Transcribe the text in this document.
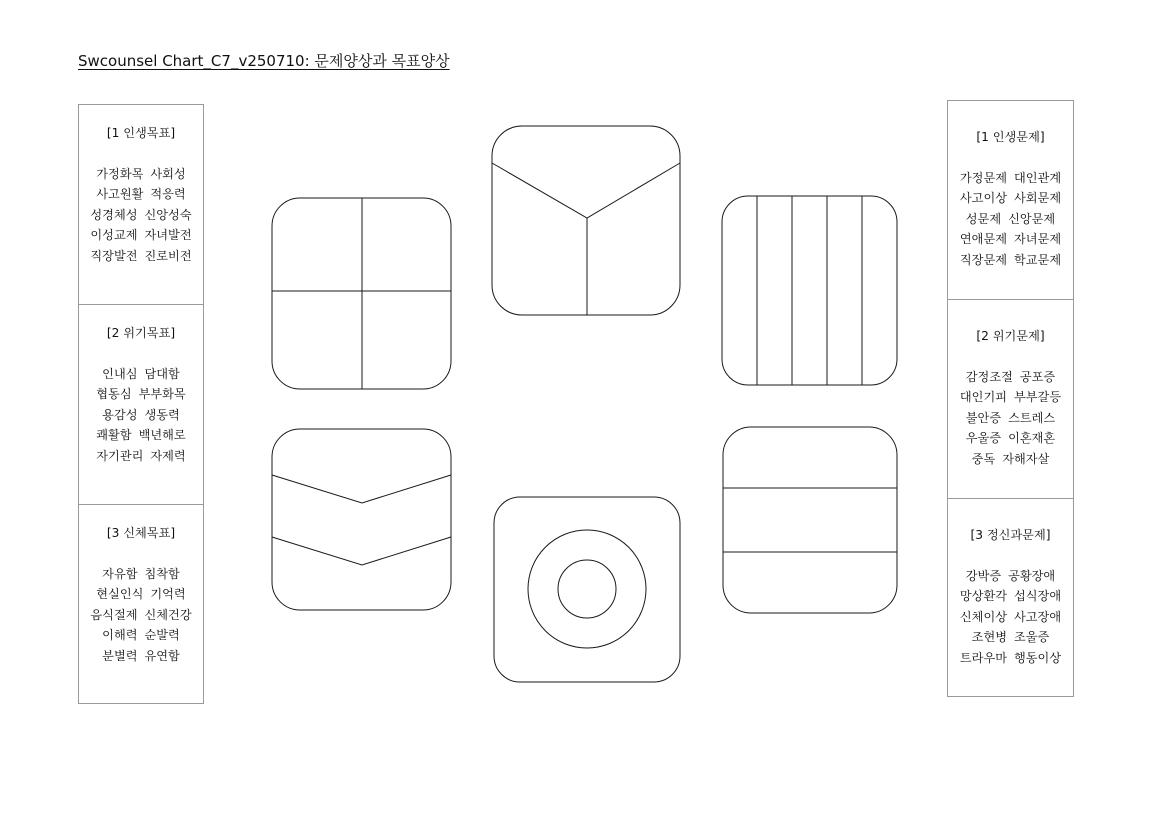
Swcounsel Chart_C7_v250710: 문제양상과 목표양상
[1 인생목표]
가정화목 사회성
사고원활 적응력
성경체성 신앙성숙
이성교제 자녀발전
직장발전 진로비전
[2 위기목표]
인내심 담대함
협동심 부부화목
용감성 생동력
쾌활함 백년해로
자기관리 자제력
[3 신체목표]
자유함 침착함
현실인식 기억력
음식절제 신체건강
이해력 순발력
분별력 유연함
[1 인생문제]
가정문제 대인관계
사고이상 사회문제
성문제 신앙문제
연애문제 자녀문제
직장문제 학교문제
[2 위기문제]
감정조절 공포증
대인기피 부부갈등
불안증 스트레스
우울증 이혼재혼
중독 자해자살
[3 정신과문제]
강박증 공황장애
망상환각 섭식장애
신체이상 사고장애
조현병 조울증
트라우마 행동이상
